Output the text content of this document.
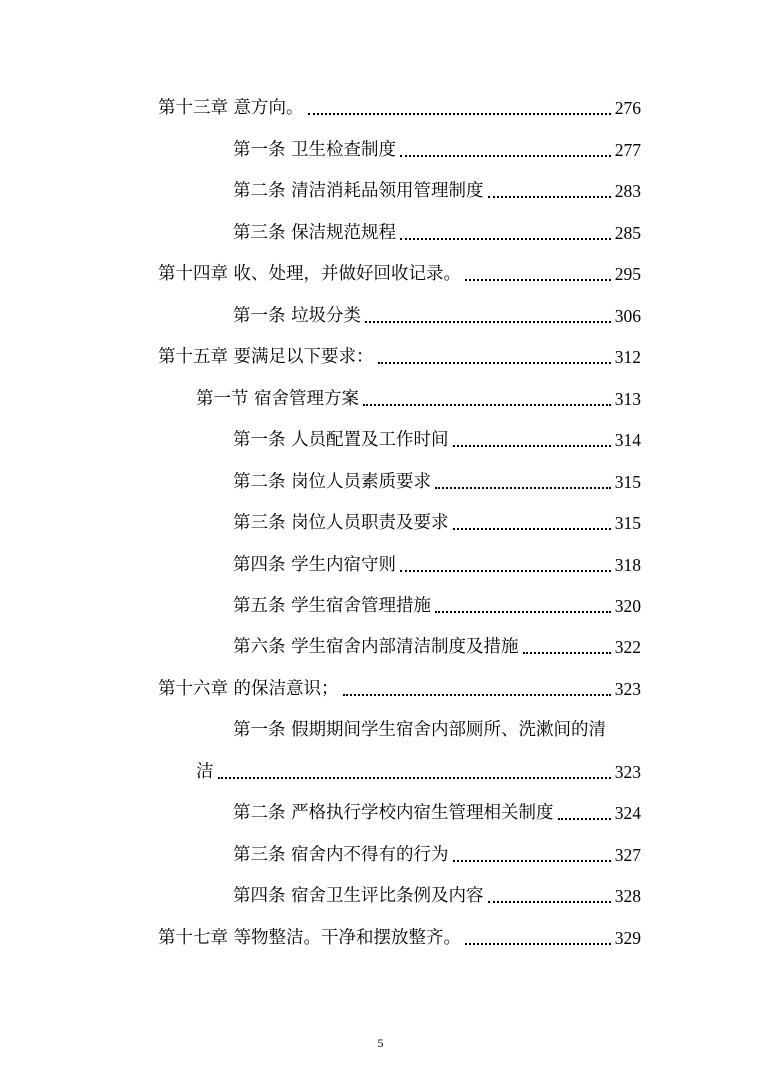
第十三章 意方向。	276
第一条 卫生检查制度	277
第二条 清洁消耗品领用管理制度	283
第三条 保洁规范规程	285
第十四章 收、处理，并做好回收记录。	295
第一条 垃圾分类	306
第十五章 要满足以下要求：	312
第一节 宿舍管理方案	313
第一条 人员配置及工作时间	314
第二条 岗位人员素质要求	315
第三条 岗位人员职责及要求	315
第四条 学生内宿守则	318
第五条 学生宿舍管理措施	320
第六条 学生宿舍内部清洁制度及措施	322
第十六章 的保洁意识；	323
第一条 假期期间学生宿舍内部厕所、洗漱间的清
洁	323
第二条 严格执行学校内宿生管理相关制度	324
第三条 宿舍内不得有的行为	327
第四条 宿舍卫生评比条例及内容	328
第十七章 等物整洁。干净和摆放整齐。	329
5
